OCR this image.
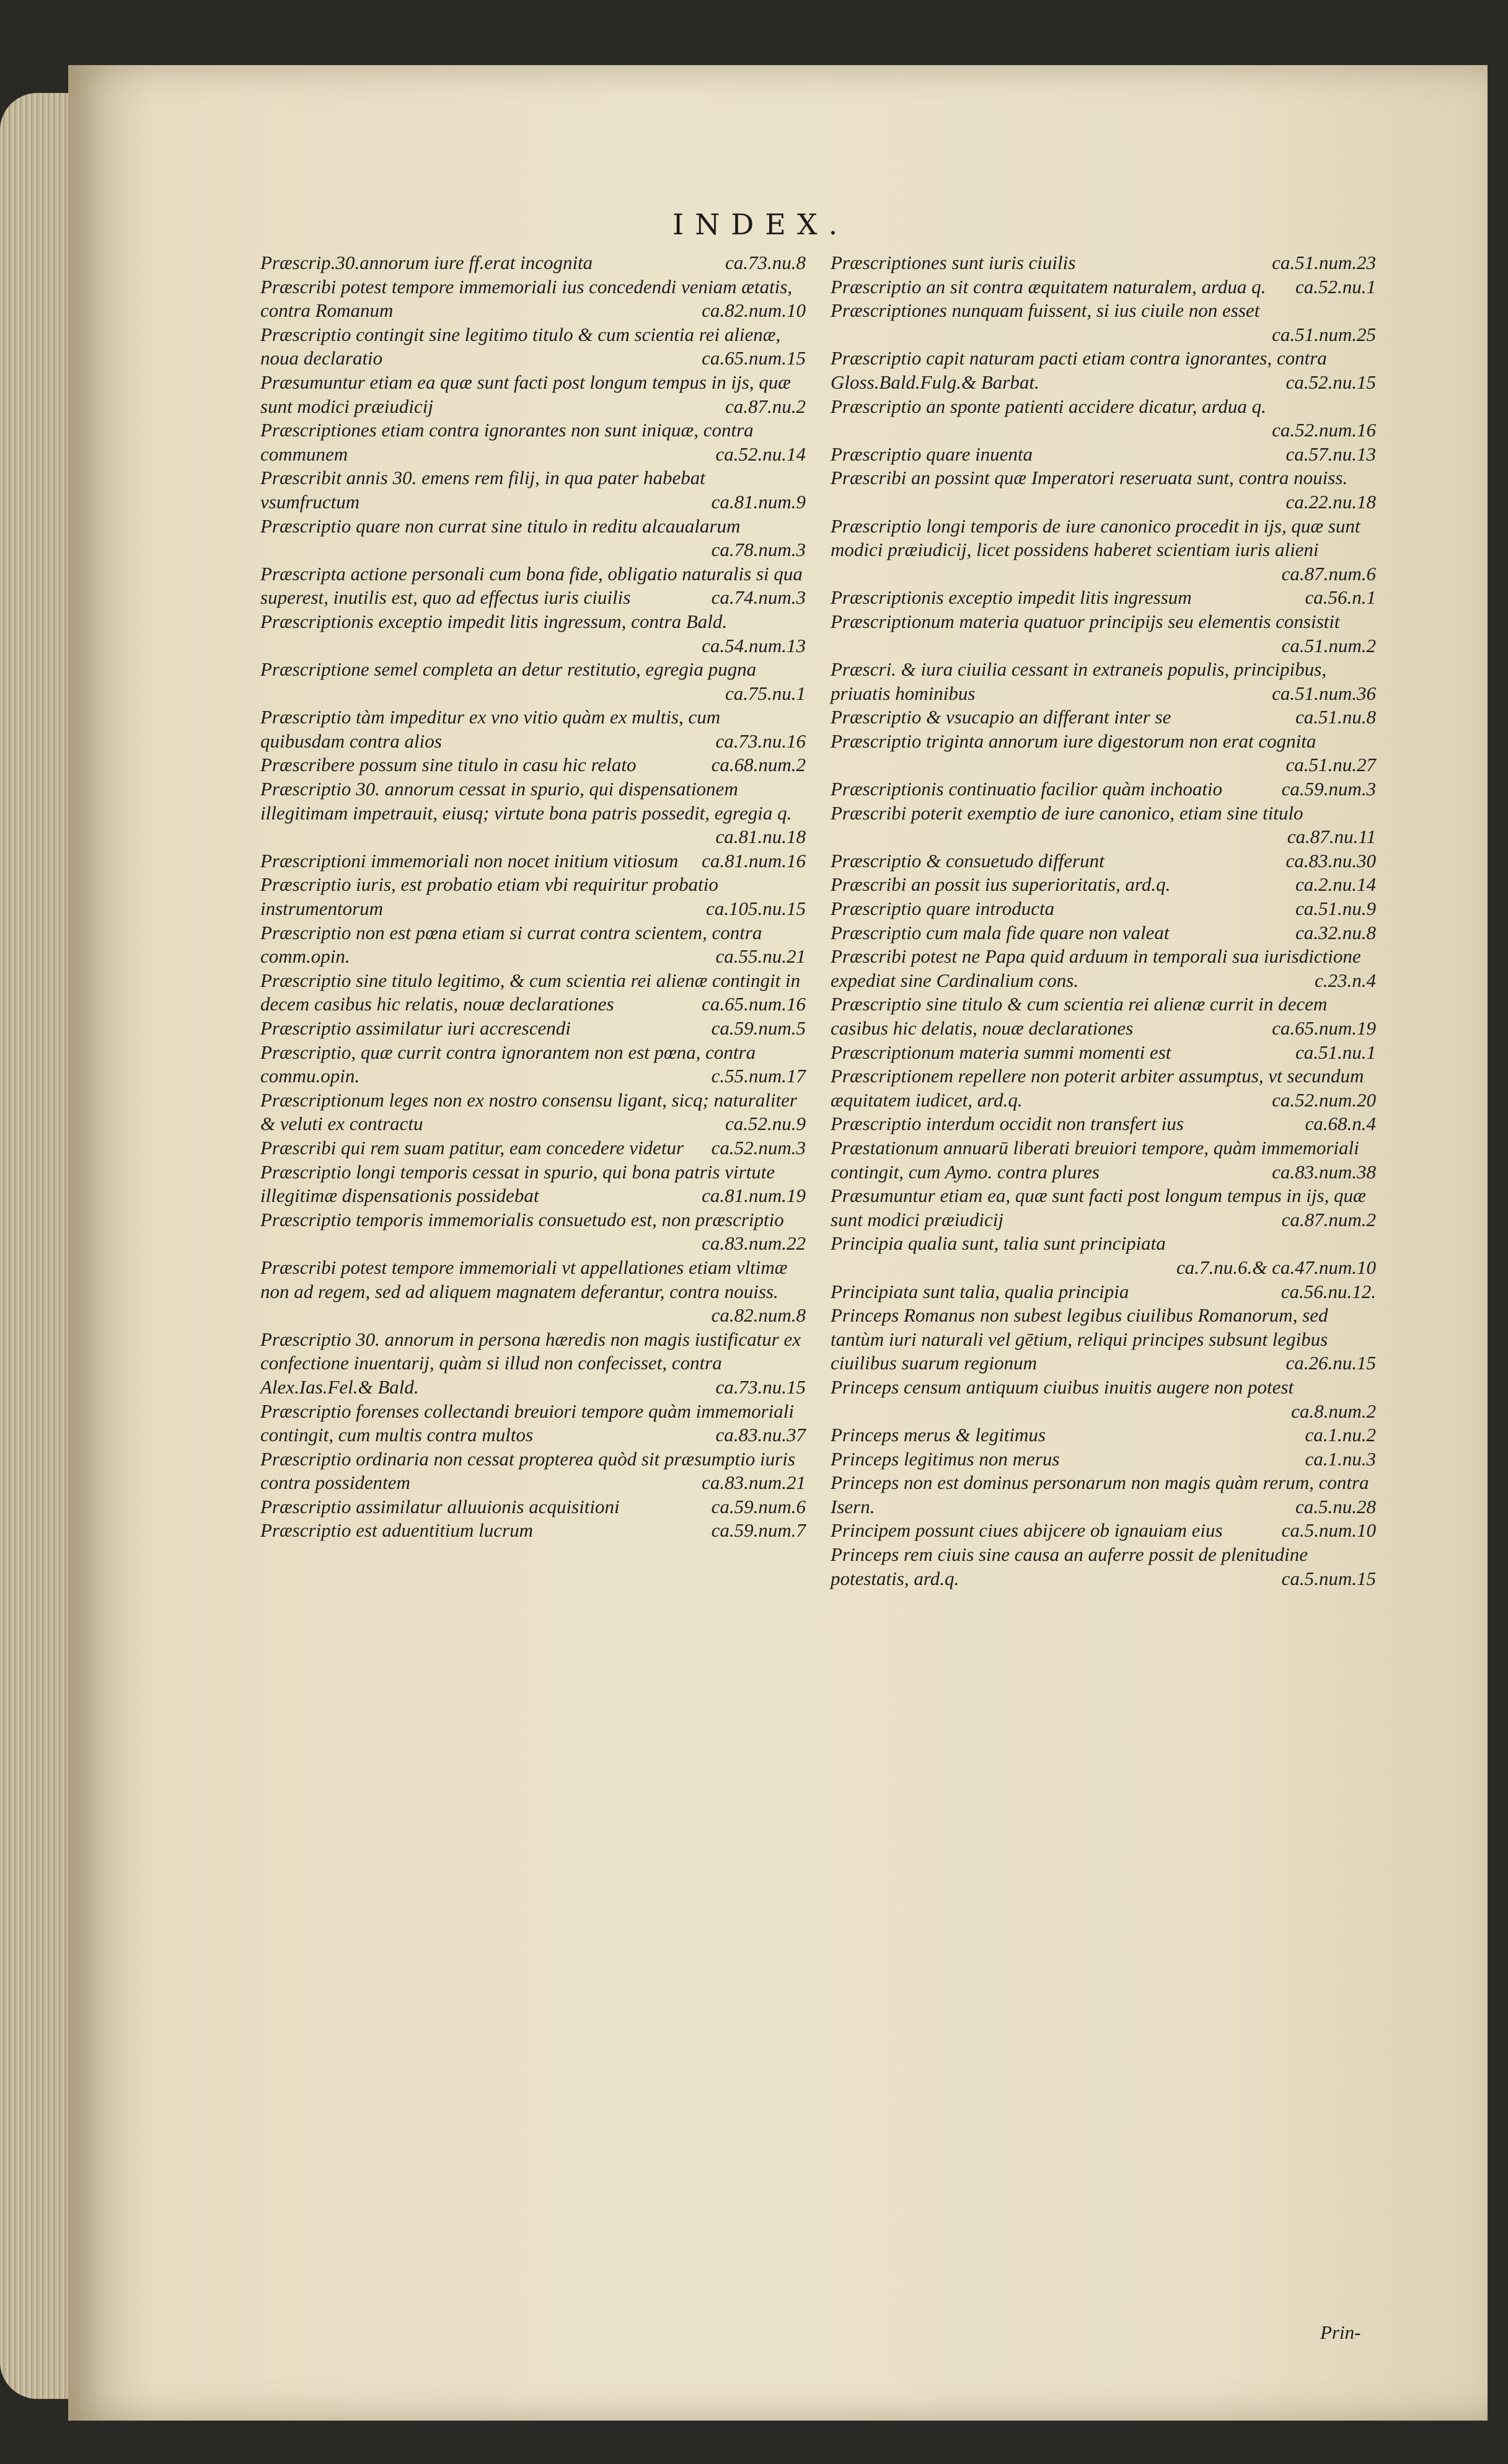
INDEX.
Præscrip.30.annorum iure ff.erat incognita	ca.73.nu.8
Præscribi potest tempore immemoriali ius concedendi veniam ætatis, contra Romanum	ca.82.num.10
Præscriptio contingit sine legitimo titulo & cum scientia rei alienæ, noua declaratio	ca.65.num.15
Præsumuntur etiam ea quæ sunt facti post longum tempus in ijs, quæ sunt modici præiudicij	ca.87.nu.2
Præscriptiones etiam contra ignorantes non sunt iniquæ, contra communem	ca.52.nu.14
Præscribit annis 30. emens rem filij, in qua pater habebat vsumfructum	ca.81.num.9
Præscriptio quare non currat sine titulo in reditu alcaualarum
ca.78.num.3
Præscripta actione personali cum bona fide, obligatio naturalis si qua superest, inutilis est, quo ad effectus iuris ciuilis	ca.74.num.3
Præscriptionis exceptio impedit litis ingressum, contra Bald.
ca.54.num.13
Præscriptione semel completa an detur restitutio, egregia pugna
ca.75.nu.1
Præscriptio tàm impeditur ex vno vitio quàm ex multis, cum quibusdam contra alios	ca.73.nu.16
Præscribere possum sine titulo in casu hic relato	ca.68.num.2
Præscriptio 30. annorum cessat in spurio, qui dispensationem illegitimam impetrauit, eiusq; virtute bona patris possedit, egregia q.
ca.81.nu.18
Præscriptioni immemoriali non nocet initium vitiosum	ca.81.num.16
Præscriptio iuris, est probatio etiam vbi requiritur probatio instrumentorum	ca.105.nu.15
Præscriptio non est pœna etiam si currat contra scientem, contra comm.opin.	ca.55.nu.21
Præscriptio sine titulo legitimo, & cum scientia rei alienæ contingit in decem casibus hic relatis, nouæ declarationes	ca.65.num.16
Præscriptio assimilatur iuri accrescendi	ca.59.num.5
Præscriptio, quæ currit contra ignorantem non est pœna, contra commu.opin.	c.55.num.17
Præscriptionum leges non ex nostro consensu ligant, sicq; naturaliter & veluti ex contractu	ca.52.nu.9
Præscribi qui rem suam patitur, eam concedere videtur	ca.52.num.3
Præscriptio longi temporis cessat in spurio, qui bona patris virtute illegitimæ dispensationis possidebat	ca.81.num.19
Præscriptio temporis immemorialis consuetudo est, non præscriptio
ca.83.num.22
Præscribi potest tempore immemoriali vt appellationes etiam vltimæ non ad regem, sed ad aliquem magnatem deferantur, contra nouiss.
ca.82.num.8
Præscriptio 30. annorum in persona hæredis non magis iustificatur ex confectione inuentarij, quàm si illud non confecisset, contra Alex.Ias.Fel.& Bald.	ca.73.nu.15
Præscriptio forenses collectandi breuiori tempore quàm immemoriali contingit, cum multis contra multos	ca.83.nu.37
Præscriptio ordinaria non cessat propterea quòd sit præsumptio iuris contra possidentem	ca.83.num.21
Præscriptio assimilatur alluuionis acquisitioni	ca.59.num.6
Præscriptio est aduentitium lucrum	ca.59.num.7
Præscriptiones sunt iuris ciuilis	ca.51.num.23
Præscriptio an sit contra æquitatem naturalem, ardua q.	ca.52.nu.1
Præscriptiones nunquam fuissent, si ius ciuile non esset
ca.51.num.25
Præscriptio capit naturam pacti etiam contra ignorantes, contra Gloss.Bald.Fulg.& Barbat.	ca.52.nu.15
Præscriptio an sponte patienti accidere dicatur, ardua q.
ca.52.num.16
Præscriptio quare inuenta	ca.57.nu.13
Præscribi an possint quæ Imperatori reseruata sunt, contra nouiss.
ca.22.nu.18
Præscriptio longi temporis de iure canonico procedit in ijs, quæ sunt modici præiudicij, licet possidens haberet scientiam iuris alieni
ca.87.num.6
Præscriptionis exceptio impedit litis ingressum	ca.56.n.1
Præscriptionum materia quatuor principijs seu elementis consistit
ca.51.num.2
Præscri. & iura ciuilia cessant in extraneis populis, principibus, priuatis hominibus	ca.51.num.36
Præscriptio & vsucapio an differant inter se	ca.51.nu.8
Præscriptio triginta annorum iure digestorum non erat cognita
ca.51.nu.27
Præscriptionis continuatio facilior quàm inchoatio	ca.59.num.3
Præscribi poterit exemptio de iure canonico, etiam sine titulo
ca.87.nu.11
Præscriptio & consuetudo differunt	ca.83.nu.30
Præscribi an possit ius superioritatis, ard.q.	ca.2.nu.14
Præscriptio quare introducta	ca.51.nu.9
Præscriptio cum mala fide quare non valeat	ca.32.nu.8
Præscribi potest ne Papa quid arduum in temporali sua iurisdictione expediat sine Cardinalium cons.	c.23.n.4
Præscriptio sine titulo & cum scientia rei alienæ currit in decem casibus hic delatis, nouæ declarationes	ca.65.num.19
Præscriptionum materia summi momenti est	ca.51.nu.1
Præscriptionem repellere non poterit arbiter assumptus, vt secundum æquitatem iudicet, ard.q.	ca.52.num.20
Præscriptio interdum occidit non transfert ius	ca.68.n.4
Præstationum annuarū liberati breuiori tempore, quàm immemoriali contingit, cum Aymo. contra plures	ca.83.num.38
Præsumuntur etiam ea, quæ sunt facti post longum tempus in ijs, quæ sunt modici præiudicij	ca.87.num.2
Principia qualia sunt, talia sunt principiata
ca.7.nu.6.& ca.47.num.10
Principiata sunt talia, qualia principia	ca.56.nu.12.
Princeps Romanus non subest legibus ciuilibus Romanorum, sed tantùm iuri naturali vel gētium, reliqui principes subsunt legibus ciuilibus suarum regionum	ca.26.nu.15
Princeps censum antiquum ciuibus inuitis augere non potest
ca.8.num.2
Princeps merus & legitimus	ca.1.nu.2
Princeps legitimus non merus	ca.1.nu.3
Princeps non est dominus personarum non magis quàm rerum, contra Isern.	ca.5.nu.28
Principem possunt ciues abijcere ob ignauiam eius	ca.5.num.10
Princeps rem ciuis sine causa an auferre possit de plenitudine potestatis, ard.q.	ca.5.num.15
Prin-
